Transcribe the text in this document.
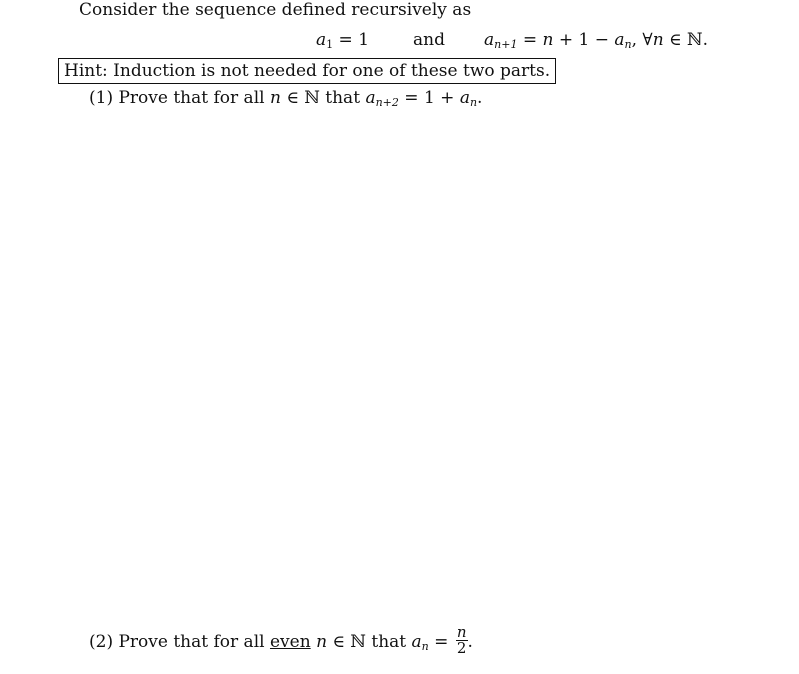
Consider the sequence defined recursively as
$a_1 = 1$	and $a_{n+1} = n + 1 - a_n$, ∀n ∈ ℕ.
Hint: Induction is not needed for one of these two parts.
(1) Prove that for all n ∈ ℕ that $a_{n+2} = 1 + a_n$.
(2) Prove that for all even n ∈ ℕ that $a_n = \frac{n}{2}$ .
